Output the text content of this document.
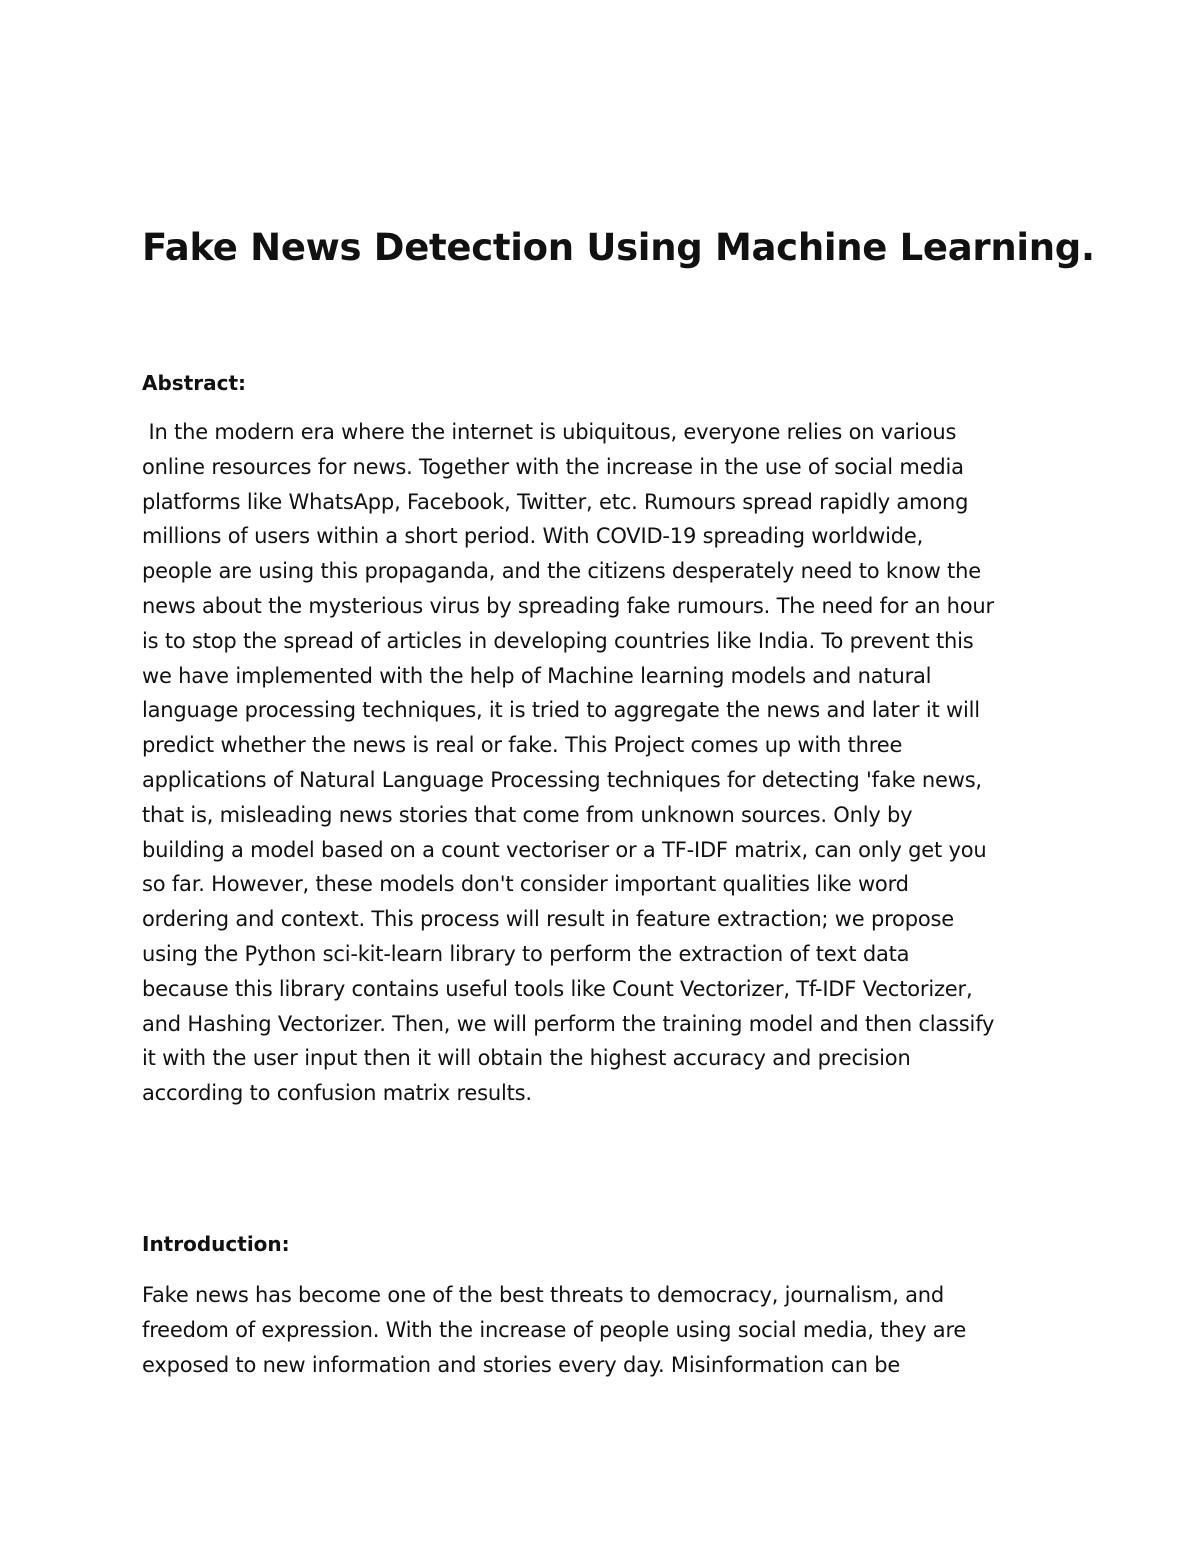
Fake News Detection Using Machine Learning.
Abstract:
In the modern era where the internet is ubiquitous, everyone relies on various
online resources for news. Together with the increase in the use of social media
platforms like WhatsApp, Facebook, Twitter, etc. Rumours spread rapidly among
millions of users within a short period. With COVID-19 spreading worldwide,
people are using this propaganda, and the citizens desperately need to know the
news about the mysterious virus by spreading fake rumours. The need for an hour
is to stop the spread of articles in developing countries like India. To prevent this
we have implemented with the help of Machine learning models and natural
language processing techniques, it is tried to aggregate the news and later it will
predict whether the news is real or fake. This Project comes up with three
applications of Natural Language Processing techniques for detecting 'fake news,
that is, misleading news stories that come from unknown sources. Only by
building a model based on a count vectoriser or a TF-IDF matrix, can only get you
so far. However, these models don't consider important qualities like word
ordering and context. This process will result in feature extraction; we propose
using the Python sci-kit-learn library to perform the extraction of text data
because this library contains useful tools like Count Vectorizer, Tf-IDF Vectorizer,
and Hashing Vectorizer. Then, we will perform the training model and then classify
it with the user input then it will obtain the highest accuracy and precision
according to confusion matrix results.
Introduction:
Fake news has become one of the best threats to democracy, journalism, and
freedom of expression. With the increase of people using social media, they are
exposed to new information and stories every day. Misinformation can be
